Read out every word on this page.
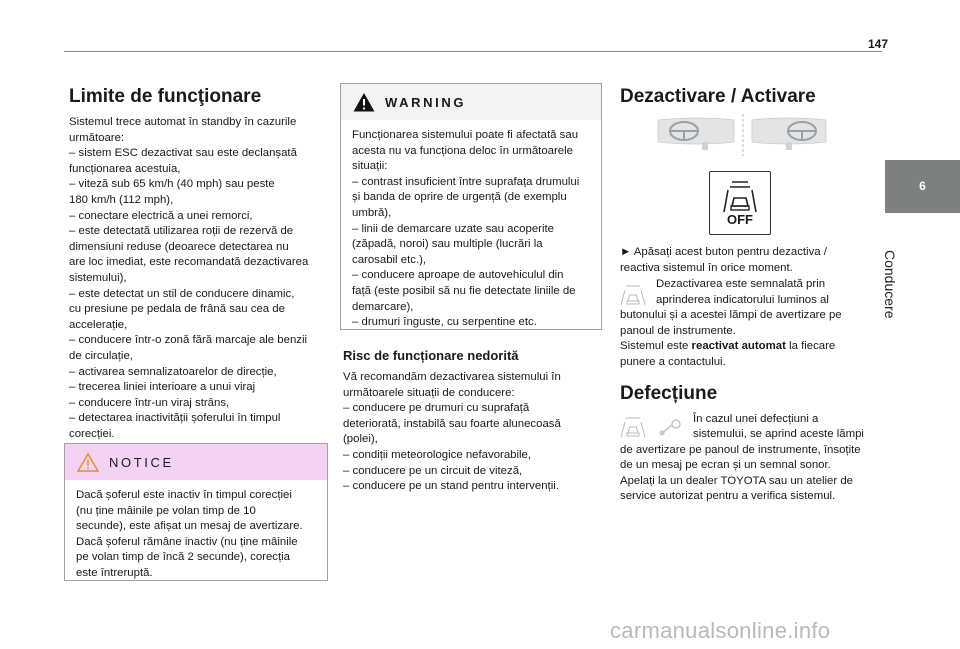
147
6
Conducere
Limite de funcţionare

Sistemul trece automat în standby în cazurile
următoare:
– sistem ESC dezactivat sau este declanșată
funcționarea acestuia,
– viteză sub 65 km/h (40 mph) sau peste
180 km/h (112 mph),
– conectare electrică a unei remorci,
– este detectată utilizarea roții de rezervă de
dimensiuni reduse (deoarece detectarea nu
are loc imediat, este recomandată dezactivarea
sistemului),
– este detectat un stil de conducere dinamic,
cu presiune pe pedala de frână sau cea de
accelerație,
– conducere într-o zonă fără marcaje ale benzii
de circulație,
– activarea semnalizatoarelor de direcție,
– trecerea liniei interioare a unui viraj
– conducere într-un viraj strâns,
– detectarea inactivității șoferului în timpul
corecției.

NOTICE
Dacă șoferul este inactiv în timpul corecției
(nu ține mâinile pe volan timp de 10
secunde), este afișat un mesaj de avertizare.
Dacă șoferul rămâne inactiv (nu ține mâinile
pe volan timp de încă 2 secunde), corecția
este întreruptă.
WARNING
Funcționarea sistemului poate fi afectată sau
acesta nu va funcționa deloc în următoarele
situații:
– contrast insuficient între suprafața drumului
și banda de oprire de urgență (de exemplu
umbră),
– linii de demarcare uzate sau acoperite
(zăpadă, noroi) sau multiple (lucrări la
carosabil etc.),
– conducere aproape de autovehiculul din
față (este posibil să nu fie detectate liniile de
demarcare),
– drumuri înguste, cu serpentine etc.
Risc de funcționare nedorită

Vă recomandăm dezactivarea sistemului în
următoarele situații de conducere:
– conducere pe drumuri cu suprafață
deteriorată, instabilă sau foarte alunecoasă
(polei),
– condiții meteorologice nefavorabile,
– conducere pe un circuit de viteză,
– conducere pe un stand pentru intervenții.

Dezactivare / Activare
OFF

► Apăsați acest buton pentru dezactiva /
reactiva sistemul în orice moment.

Dezactivarea este semnalată prin
aprinderea indicatorului luminos al

butonului și a acestei lămpi de avertizare pe
panoul de instrumente.

Sistemul este reactivat automat la fiecare
punere a contactului.

Defecțiune

În cazul unei defecțiuni a
sistemului, se aprind aceste lămpi

de avertizare pe panoul de instrumente, însoțite
de un mesaj pe ecran și un semnal sonor.
Apelați la un dealer TOYOTA sau un atelier de
service autorizat pentru a verifica sistemul.

carmanualsonline.info
